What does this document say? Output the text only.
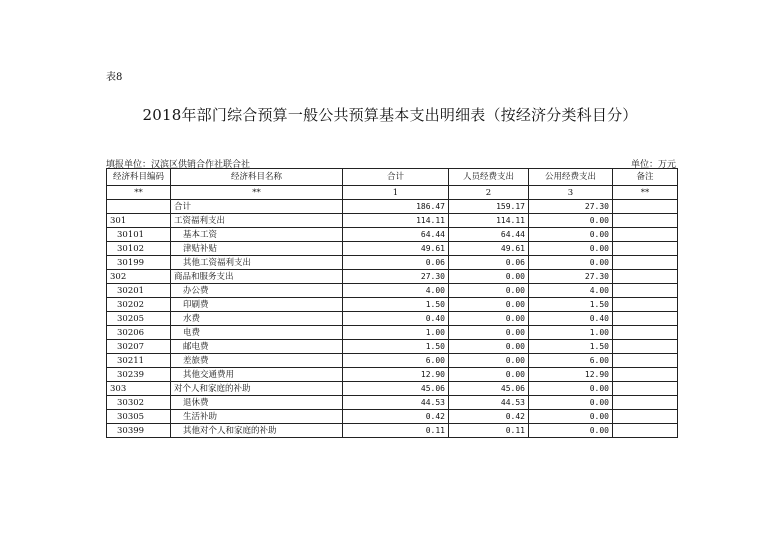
表8
2018年部门综合预算一般公共预算基本支出明细表（按经济分类科目分）
填报单位：汉滨区供销合作社联合社	单位：万元
经济科目编码	经济科目名称	合计	人员经费支出	公用经费支出	备注
**	**	1	2	3	**
	合计	186.47	159.17	27.30	
301	工资福利支出	114.11	114.11	0.00	
30101	基本工资	64.44	64.44	0.00	
30102	津贴补贴	49.61	49.61	0.00	
30199	其他工资福利支出	0.06	0.06	0.00	
302	商品和服务支出	27.30	0.00	27.30	
30201	办公费	4.00	0.00	4.00	
30202	印刷费	1.50	0.00	1.50	
30205	水费	0.40	0.00	0.40	
30206	电费	1.00	0.00	1.00	
30207	邮电费	1.50	0.00	1.50	
30211	差旅费	6.00	0.00	6.00	
30239	其他交通费用	12.90	0.00	12.90	
303	对个人和家庭的补助	45.06	45.06	0.00	
30302	退休费	44.53	44.53	0.00	
30305	生活补助	0.42	0.42	0.00	
30399	其他对个人和家庭的补助	0.11	0.11	0.00	
